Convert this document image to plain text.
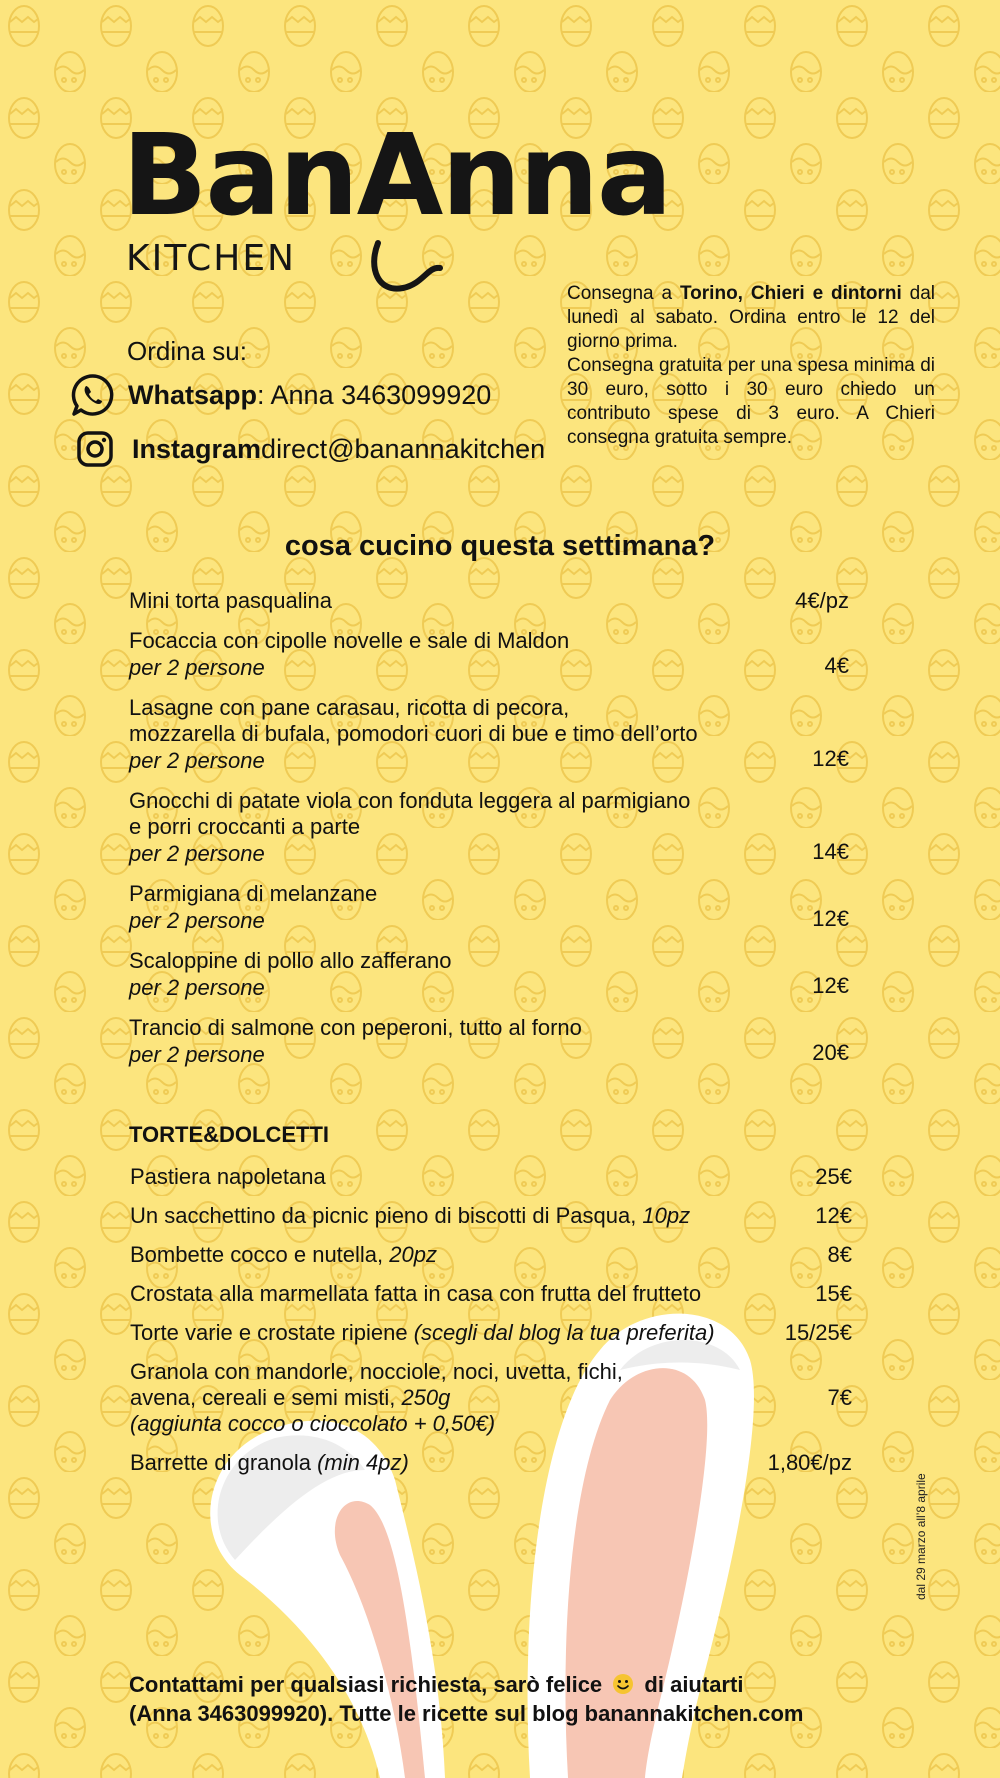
BanAnna
KITCHEN
Ordina su:
Whatsapp : Anna 3463099920
Instagram direct@banannakitchen
Consegna a Torino, Chieri e dintorni dal lunedì al sabato. Ordina entro le 12 del giorno prima.
Consegna gratuita per una spesa minima di 30 euro, sotto i 30 euro chiedo un contributo spese di 3 euro. A Chieri consegna gratuita sempre.
cosa cucino questa settimana?
Mini torta pasqualina	4€/pz
Focaccia con cipolle novelle e sale di Maldon
per 2 persone	4€
Lasagne con pane carasau, ricotta di pecora,
mozzarella di bufala, pomodori cuori di bue e timo dell’orto
per 2 persone	12€
Gnocchi di patate viola con fonduta leggera al parmigiano
e porri croccanti a parte
per 2 persone	14€
Parmigiana di melanzane
per 2 persone	12€
Scaloppine di pollo allo zafferano
per 2 persone	12€
Trancio di salmone con peperoni, tutto al forno
per 2 persone	20€
TORTE&DOLCETTI
Pastiera napoletana	25€
Un sacchettino da picnic pieno di biscotti di Pasqua, 10pz	12€
Bombette cocco e nutella, 20pz	8€
Crostata alla marmellata fatta in casa con frutta del frutteto	15€
Torte varie e crostate ripiene (scegli dal blog la tua preferita)	15/25€
Granola con mandorle, nocciole, noci, uvetta, fichi,
avena, cereali e semi misti, 250g
(aggiunta cocco o cioccolato + 0,50€)
7€
Barrette di granola (min 4pz)	1,80€/pz
dal 29 marzo all’8 aprile
Contattami per qualsiasi richiesta, sarò felice di aiutarti
(Anna 3463099920). Tutte le ricette sul blog banannakitchen.com
